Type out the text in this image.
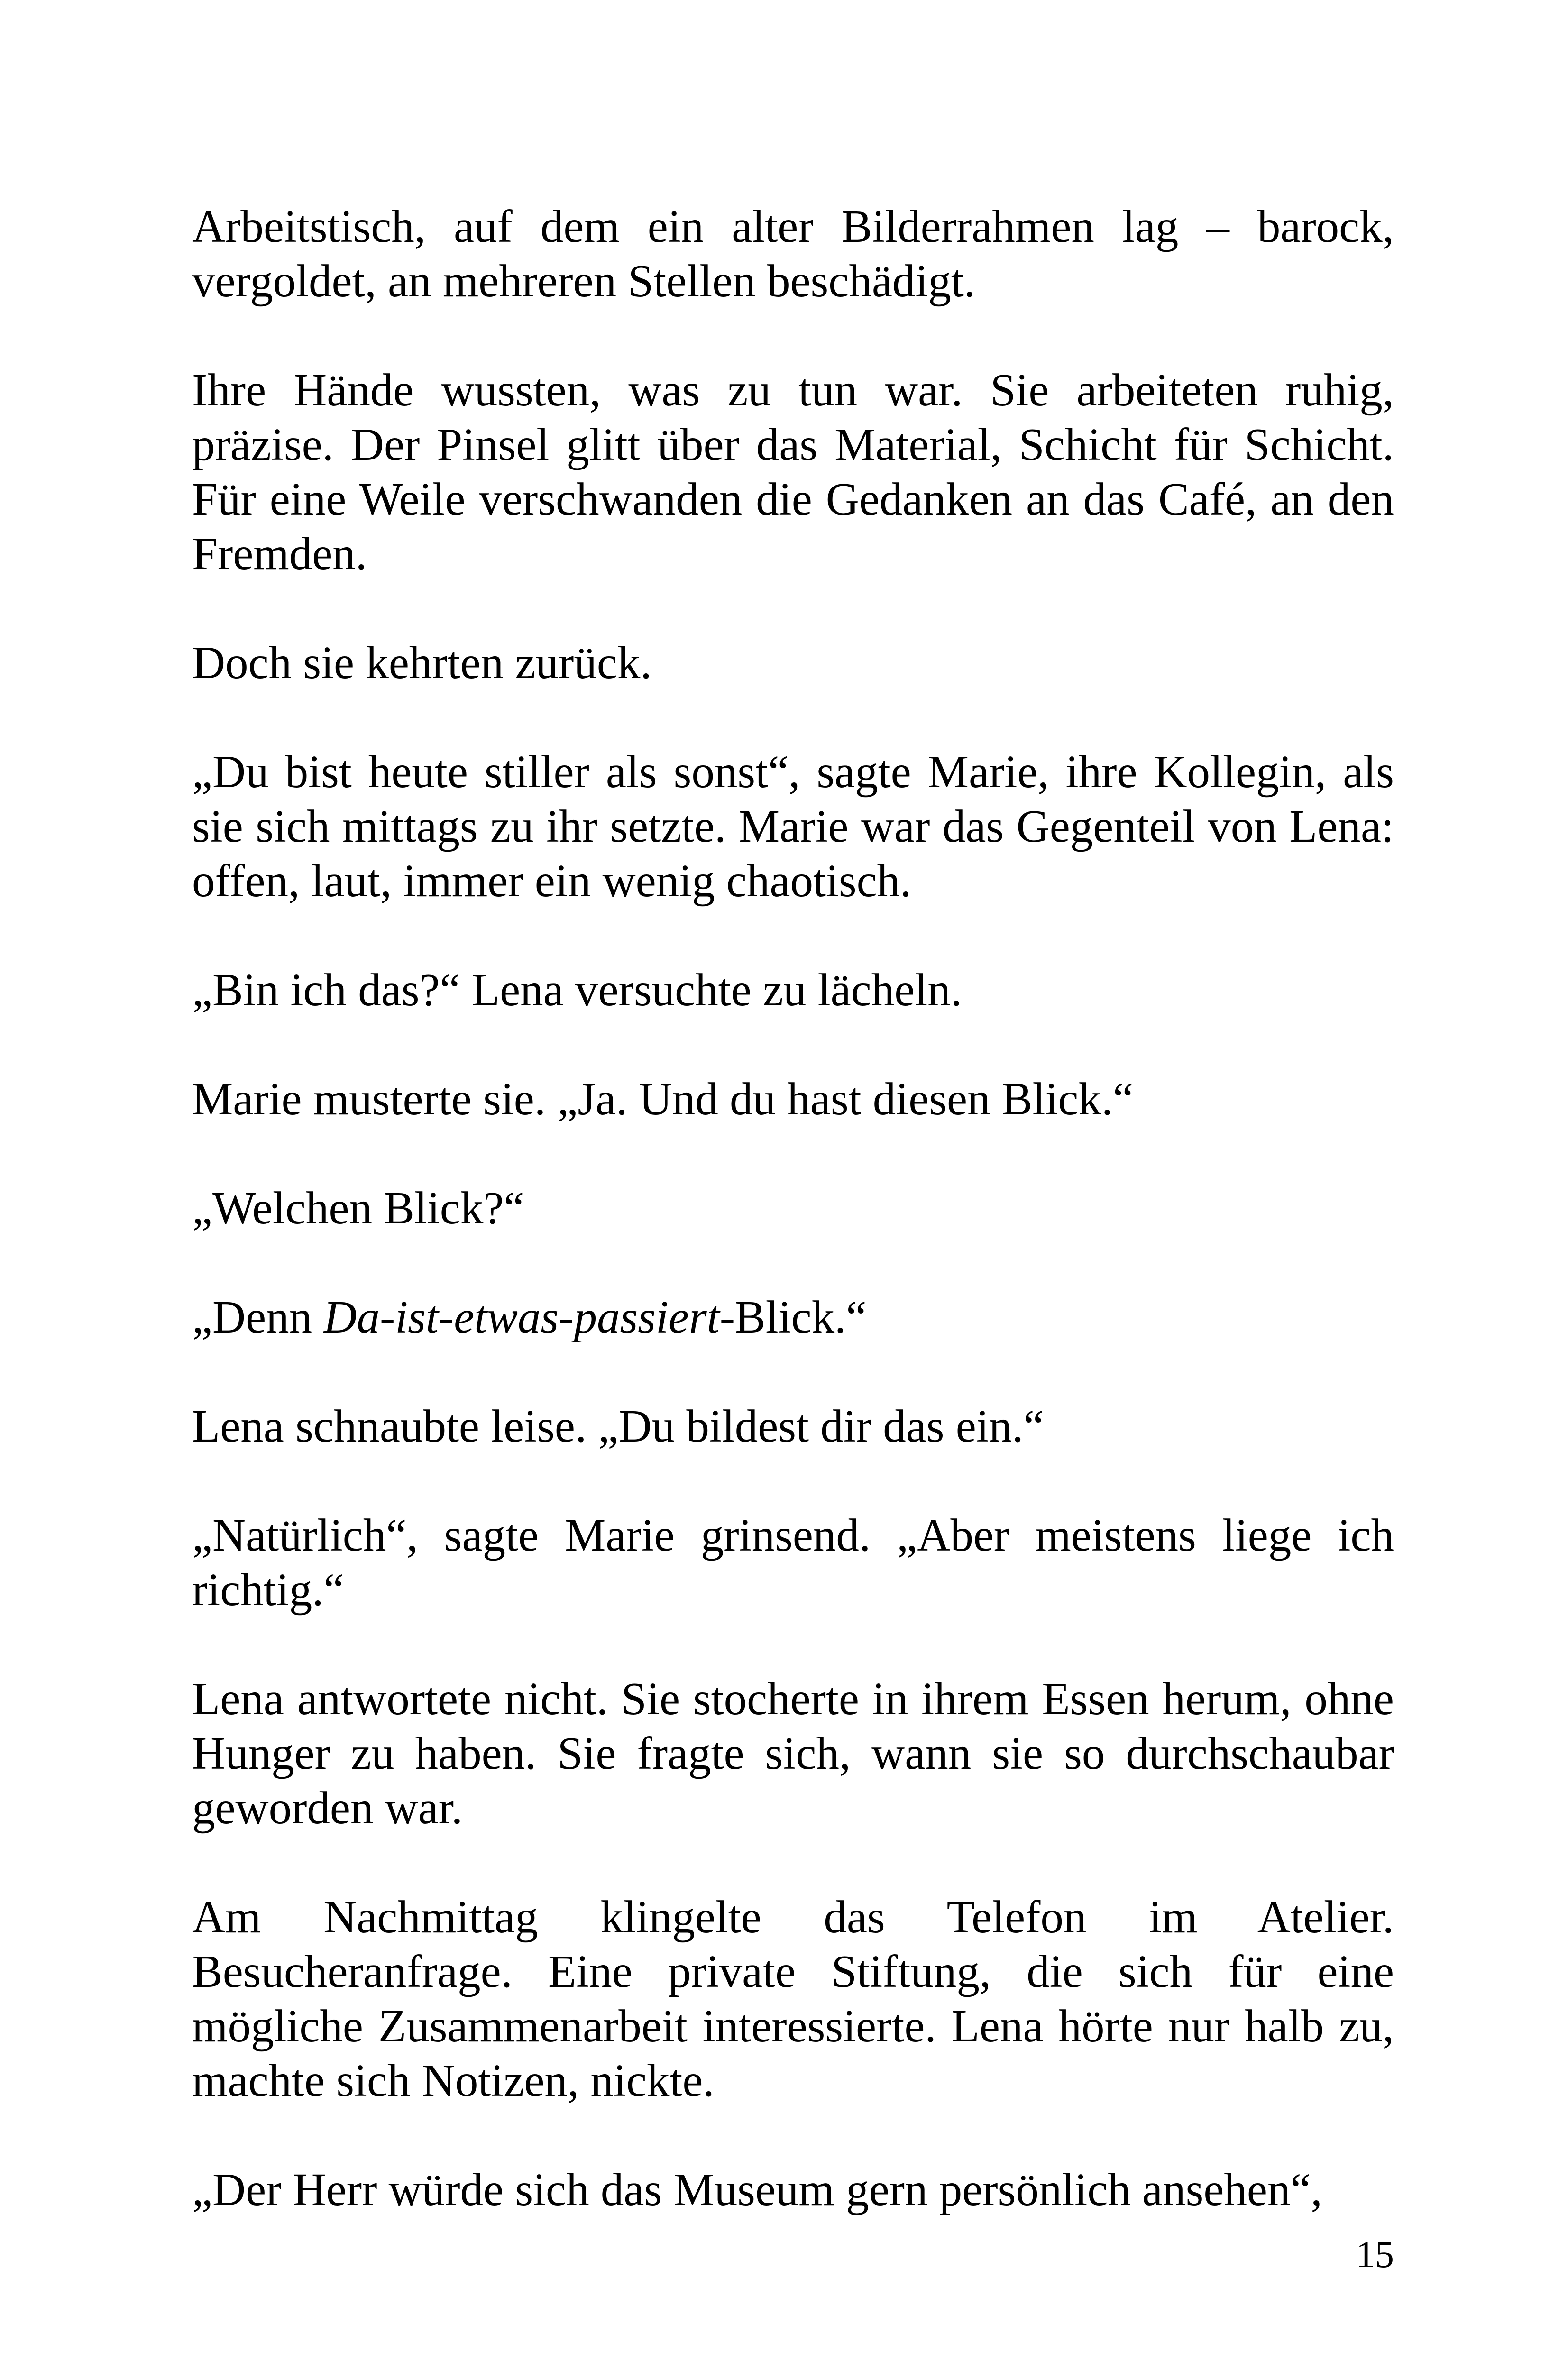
Arbeitstisch, auf dem ein alter Bilderrahmen lag – barock, vergoldet, an mehreren Stellen beschädigt.

Ihre Hände wussten, was zu tun war. Sie arbeiteten ruhig, präzise. Der Pinsel glitt über das Material, Schicht für Schicht. Für eine Weile verschwanden die Gedanken an das Café, an den Fremden.

Doch sie kehrten zurück.

„Du bist heute stiller als sonst“, sagte Marie, ihre Kollegin, als sie sich mittags zu ihr setzte. Marie war das Gegenteil von Lena: offen, laut, immer ein wenig chaotisch.

„Bin ich das?“ Lena versuchte zu lächeln.

Marie musterte sie. „Ja. Und du hast diesen Blick.“

„Welchen Blick?“

„Denn Da-ist-etwas-passiert-Blick.“

Lena schnaubte leise. „Du bildest dir das ein.“

„Natürlich“, sagte Marie grinsend. „Aber meistens liege ich richtig.“

Lena antwortete nicht. Sie stocherte in ihrem Essen herum, ohne Hunger zu haben. Sie fragte sich, wann sie so durchschaubar geworden war.

Am Nachmittag klingelte das Telefon im Atelier. Besucheranfrage. Eine private Stiftung, die sich für eine mögliche Zusammenarbeit interessierte. Lena hörte nur halb zu, machte sich Notizen, nickte.

„Der Herr würde sich das Museum gern persönlich ansehen“,

15
